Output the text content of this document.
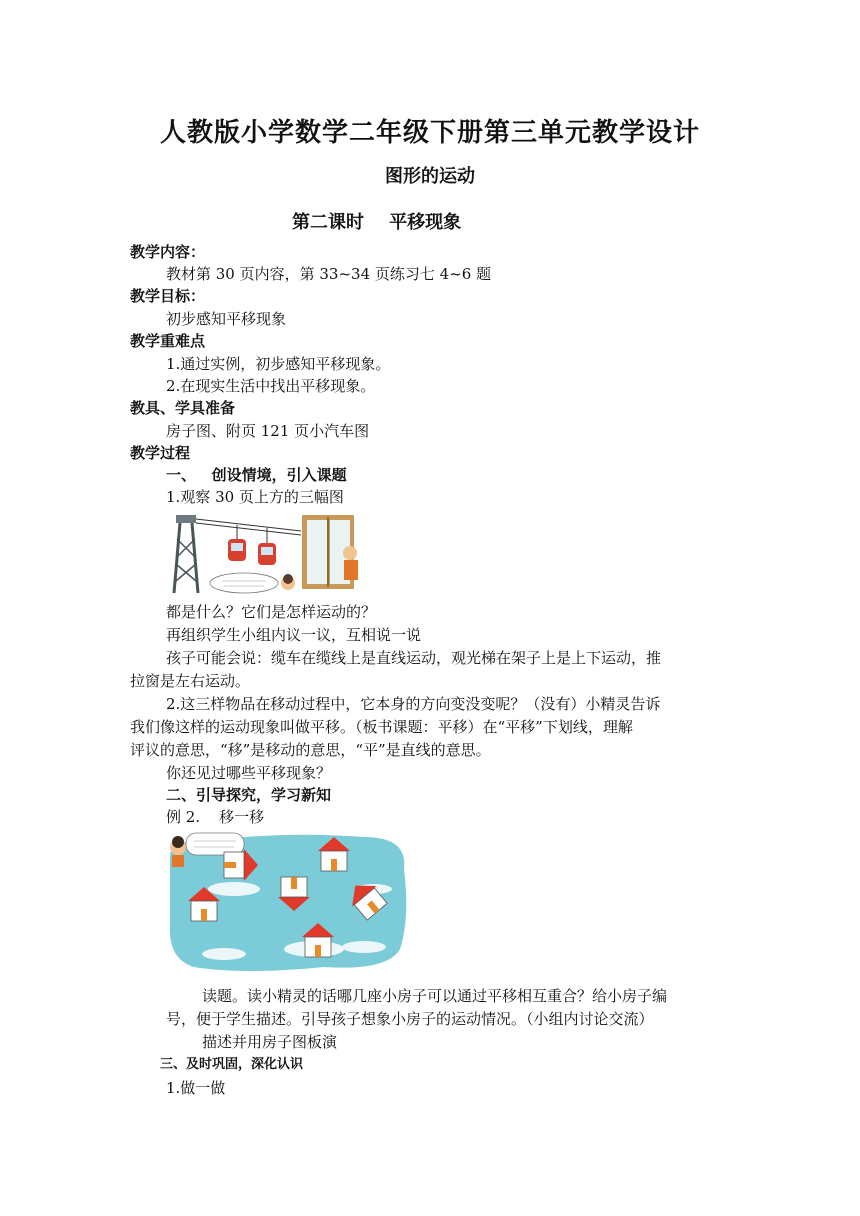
人教版小学数学二年级下册第三单元教学设计
图形的运动
第二课时    平移现象
教学内容：
教材第 30 页内容，第 33~34 页练习七 4~6 题
教学目标：
初步感知平移现象
教学重难点
1.通过实例，初步感知平移现象。
2.在现实生活中找出平移现象。
教具、学具准备
房子图、附页 121 页小汽车图
教学过程
一、   创设情境，引入课题
1.观察 30 页上方的三幅图
都是什么？它们是怎样运动的？
再组织学生小组内议一议，互相说一说
孩子可能会说：缆车在缆线上是直线运动，观光梯在架子上是上下运动，推
拉窗是左右运动。
2.这三样物品在移动过程中，它本身的方向变没变呢？（没有）小精灵告诉
我们像这样的运动现象叫做平移。（板书课题：平移）在“平移”下划线，理解
评议的意思，“移”是移动的意思，“平”是直线的意思。
你还见过哪些平移现象？
二、引导探究，学习新知
例 2.    移一移
读题。读小精灵的话哪几座小房子可以通过平移相互重合？给小房子编
号，便于学生描述。引导孩子想象小房子的运动情况。（小组内讨论交流）
描述并用房子图板演
三、及时巩固，深化认识
1.做一做
